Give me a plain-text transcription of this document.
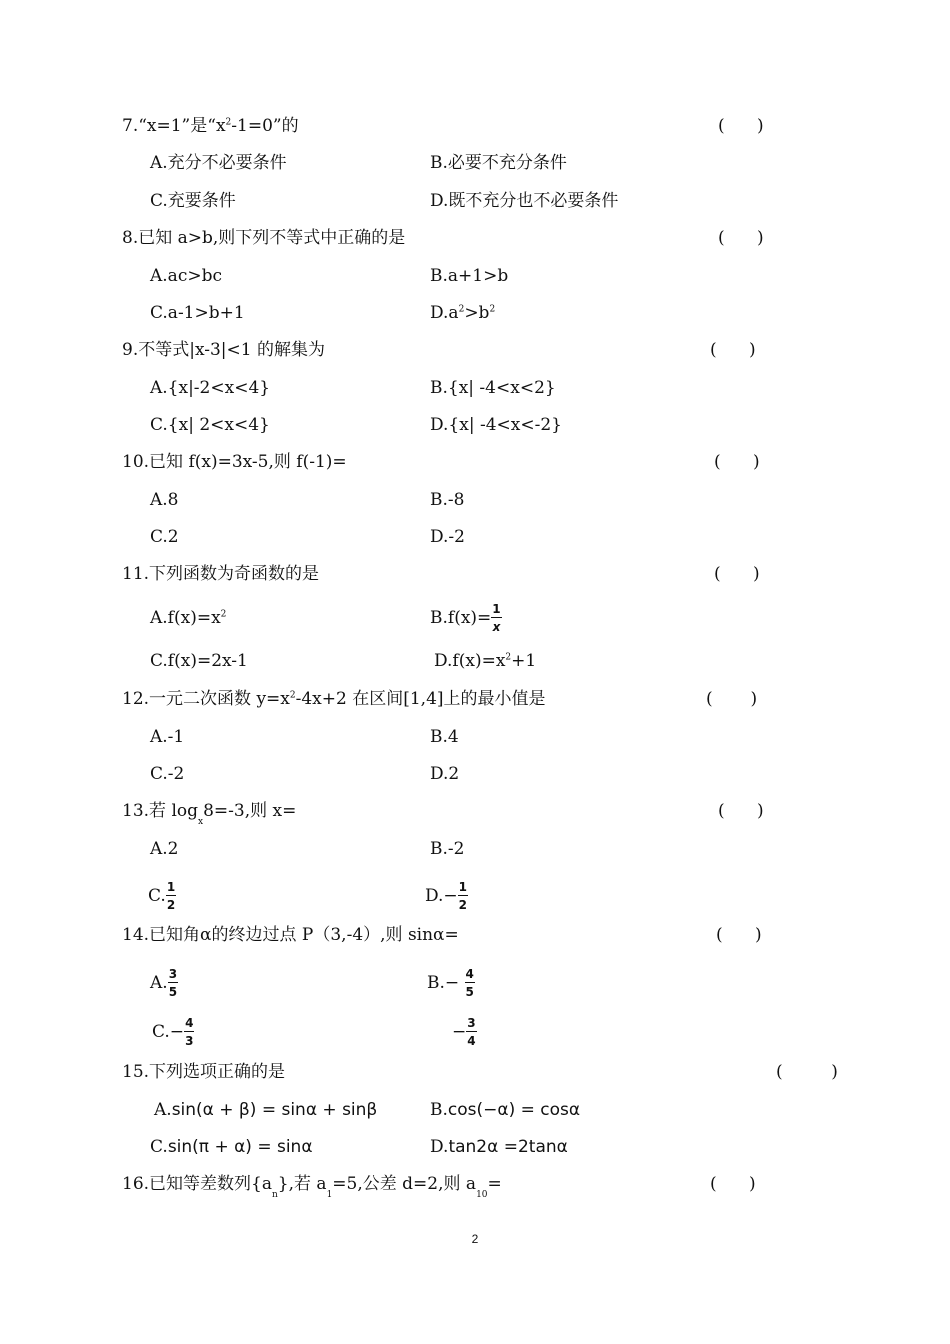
7.“x=1”是“$x^2-1=0$”的	(      )
A.充分不必要条件	B.必要不充分条件
C.充要条件	D.既不充分也不必要条件
8.已知 a>b,则下列不等式中正确的是	(      )
A.ac>bc	B.a+1>b
C.a-1>b+1	$D.a^2>b^2$
9.不等式|x-3|<1 的解集为	(      )
A.{x|-2<x<4}	B.{x| -4<x<2}
C.{x| 2<x<4}	D.{x| -4<x<-2}
10.已知 f(x)=3x-5,则 f(-1)=	(      )
A.8	B.-8
C.2	D.-2
11.下列函数为奇函数的是	(      )
$A.f(x)=x^2$	$B.f(x)= \frac{1}{x}$
C.f(x)=2x-1	$D.f(x)=x^2+1$
12.一元二次函数 $y=x^2-4x+2$ 在区间[1,4]上的最小值是	(       )
A.-1	B.4
C.-2	D.2
13.若 $\log_x8=-3$,则 x=	(      )
A.2	B.-2
C. $\frac{1}{2}$	$D.- \frac{1}{2}$
14.已知角α的终边过点 P（3,-4）,则 sinα=	(      )
A. $\frac{3}{5}$	$B.- \frac{4}{5}$
$C.- \frac{4}{3}$	− $\frac{3}{4}$
15.下列选项正确的是	(         )
A.sin(α + β) = sinα + sinβ	B.cos(−α) = cosα
C.sin(π + α) = sinα	D.tan2α =2tanα
16.已知等差数列$\{a_n\}$,若 $a_1=5$,公差 d=2,则 $a_{10}=$	(      )
2
